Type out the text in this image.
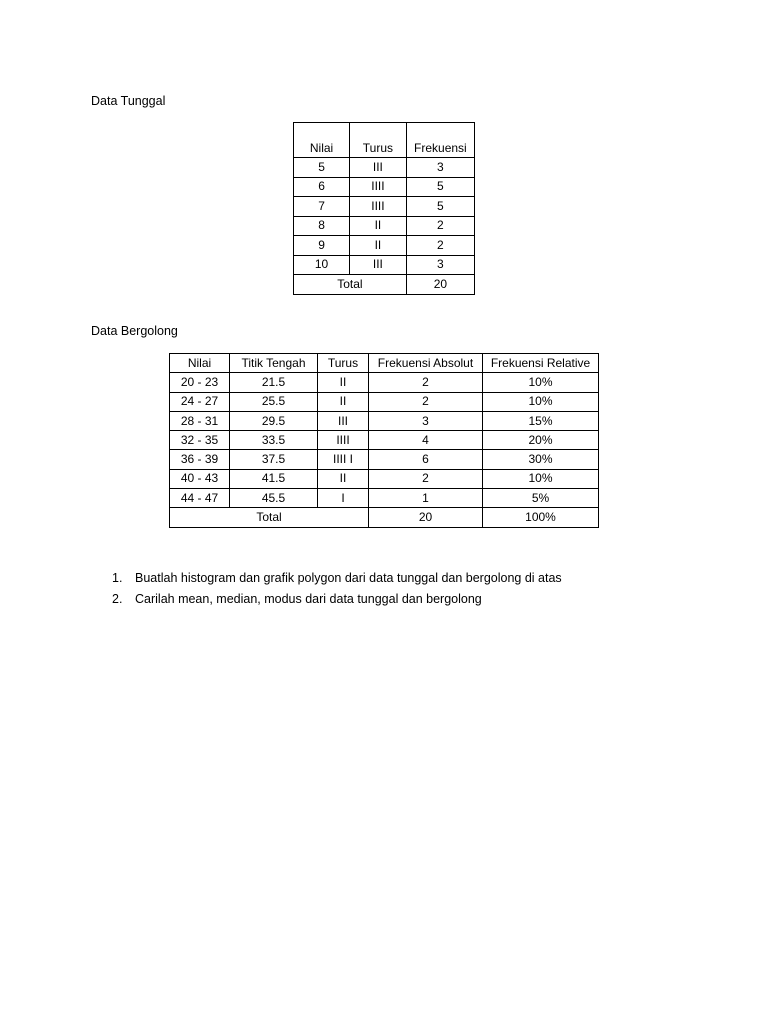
Data Tunggal
Nilai	Turus	Frekuensi
5	III	3
6	IIII	5
7	IIII	5
8	II	2
9	II	2
10	III	3
Total		20
Data Bergolong
Nilai	Titik Tengah	Turus	Frekuensi Absolut	Frekuensi Relative
20 - 23	21.5	II	2	10%
24 - 27	25.5	II	2	10%
28 - 31	29.5	III	3	15%
32 - 35	33.5	IIII	4	20%
36 - 39	37.5	IIII I	6	30%
40 - 43	41.5	II	2	10%
44 - 47	45.5	I	1	5%
Total			20	100%
1. Buatlah histogram dan grafik polygon dari data tunggal dan bergolong di atas
2. Carilah mean, median, modus dari data tunggal dan bergolong
